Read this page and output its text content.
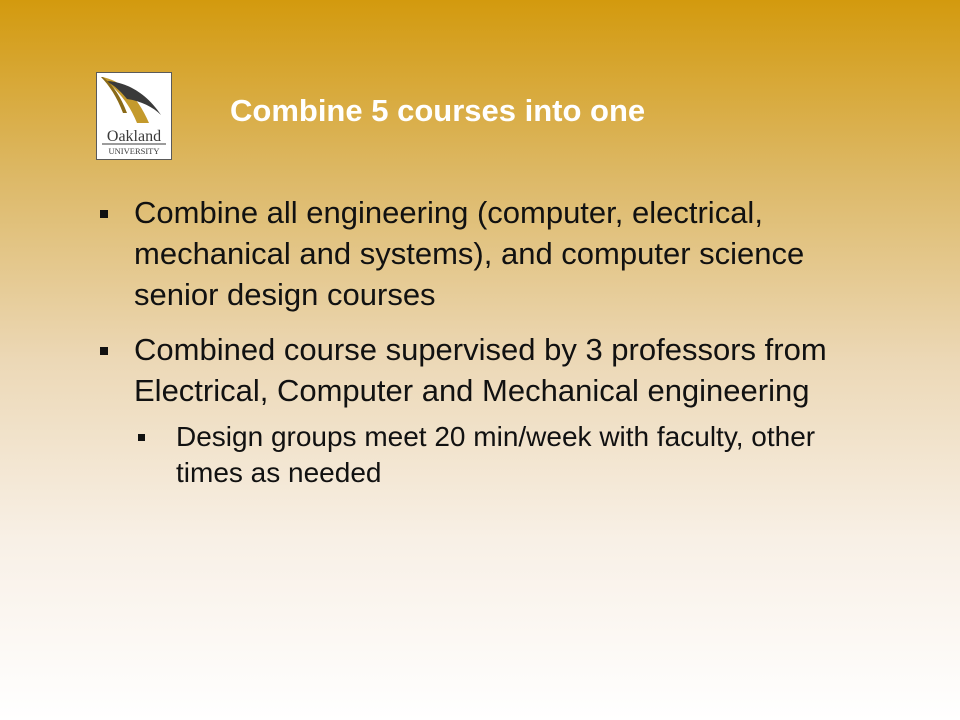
Oakland
UNIVERSITY
Combine 5 courses into one
Combine all engineering (computer, electrical, mechanical and systems), and computer science senior design courses
Combined course supervised by 3 professors from Electrical, Computer and Mechanical engineering
Design groups meet 20 min/week with faculty, other times as needed
